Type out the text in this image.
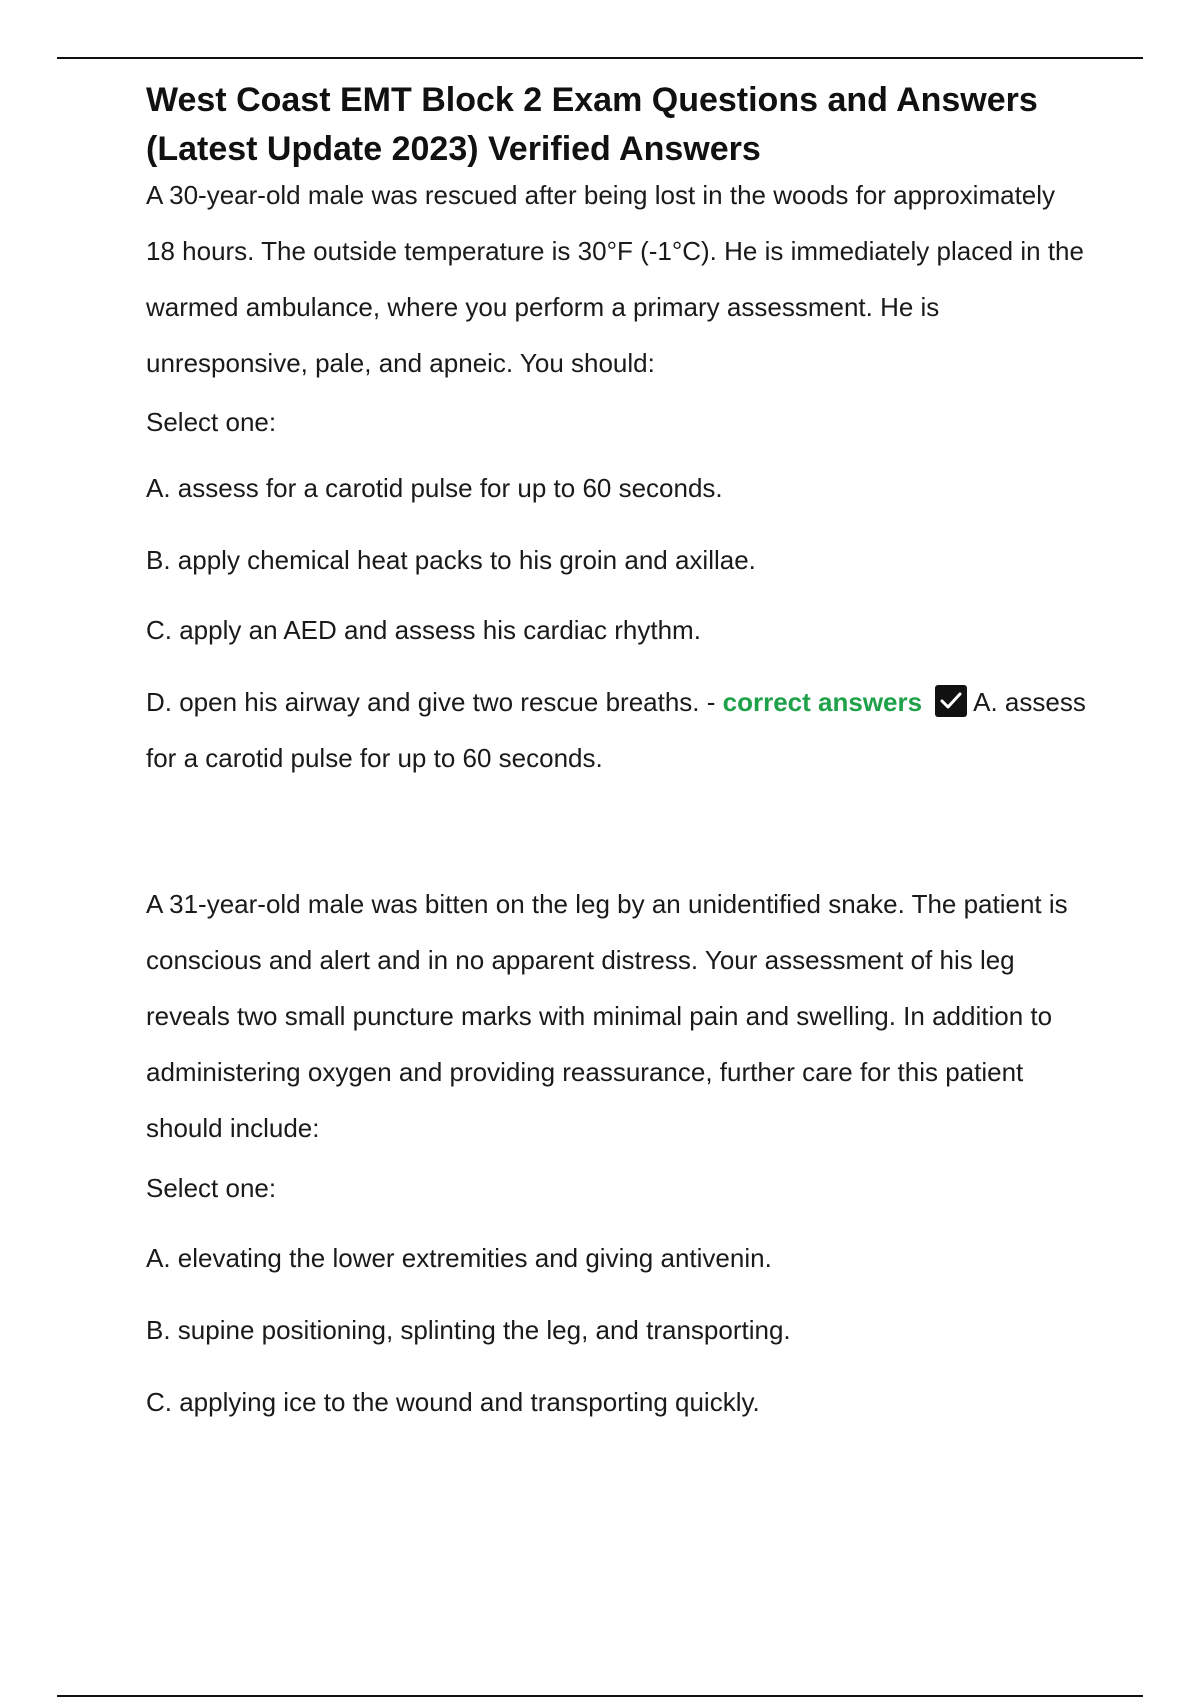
West Coast EMT Block 2 Exam Questions and Answers
(Latest Update 2023) Verified Answers

A 30-year-old male was rescued after being lost in the woods for approximately 18 hours. The outside temperature is 30°F (-1°C). He is immediately placed in the warmed ambulance, where you perform a primary assessment. He is unresponsive, pale, and apneic. You should:

Select one:

A. assess for a carotid pulse for up to 60 seconds.

B. apply chemical heat packs to his groin and axillae.

C. apply an AED and assess his cardiac rhythm.

D. open his airway and give two rescue breaths. - correct answers A. assess for a carotid pulse for up to 60 seconds.

A 31-year-old male was bitten on the leg by an unidentified snake. The patient is conscious and alert and in no apparent distress. Your assessment of his leg reveals two small puncture marks with minimal pain and swelling. In addition to administering oxygen and providing reassurance, further care for this patient should include:

Select one:

A. elevating the lower extremities and giving antivenin.

B. supine positioning, splinting the leg, and transporting.

C. applying ice to the wound and transporting quickly.
